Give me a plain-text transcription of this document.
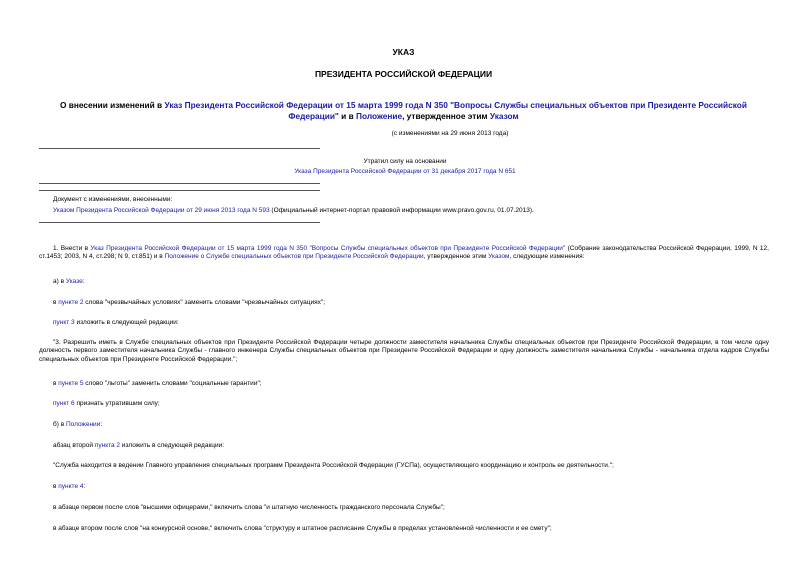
УКАЗ
ПРЕЗИДЕНТА РОССИЙСКОЙ ФЕДЕРАЦИИ
О внесении изменений в Указ Президента Российской Федерации от 15 марта 1999 года N 350 "Вопросы Службы специальных объектов при Президенте Российской Федерации" и в Положение, утвержденное этим Указом
(с изменениями на 29 июня 2013 года)
Утратил силу на основании
Указа Президента Российской Федерации от 31 декабря 2017 года N 651
Документ с изменениями, внесенными:
Указом Президента Российской Федерации от 29 июня 2013 года N 593 (Официальный интернет-портал правовой информации www.pravo.gov.ru, 01.07.2013).
1. Внести в Указ Президента Российской Федерации от 15 марта 1999 года N 350 "Вопросы Службы специальных объектов при Президенте Российской Федерации" (Собрание законодательства Российской Федерации, 1999, N 12, ст.1453; 2003, N 4, ст.298; N 9, ст.851) и в Положение о Службе специальных объектов при Президенте Российской Федерации, утвержденное этим Указом, следующие изменения:
а) в Указе:
в пункте 2 слова "чрезвычайных условиях" заменить словами "чрезвычайных ситуациях";
пункт 3 изложить в следующей редакции:
"3. Разрешить иметь в Службе специальных объектов при Президенте Российской Федерации четыре должности заместителя начальника Службы специальных объектов при Президенте Российской Федерации, в том числе одну должность первого заместителя начальника Службы - главного инженера Службы специальных объектов при Президенте Российской Федерации и одну должность заместителя начальника Службы - начальника отдела кадров Службы специальных объектов при Президенте Российской Федерации.";
в пункте 5 слово "льготы" заменить словами "социальные гарантии";
пункт 6 признать утратившим силу;
б) в Положении:
абзац второй пункта 2 изложить в следующей редакции:
"Служба находится в ведении Главного управления специальных программ Президента Российской Федерации (ГУСПа), осуществляющего координацию и контроль ее деятельности.";
в пункте 4:
в абзаце первом после слов "высшими офицерами," включить слова "и штатную численность гражданского персонала Службы";
в абзаце втором после слов "на конкурсной основе," включить слова "структуру и штатное расписание Службы в пределах установленной численности и ее смету";
